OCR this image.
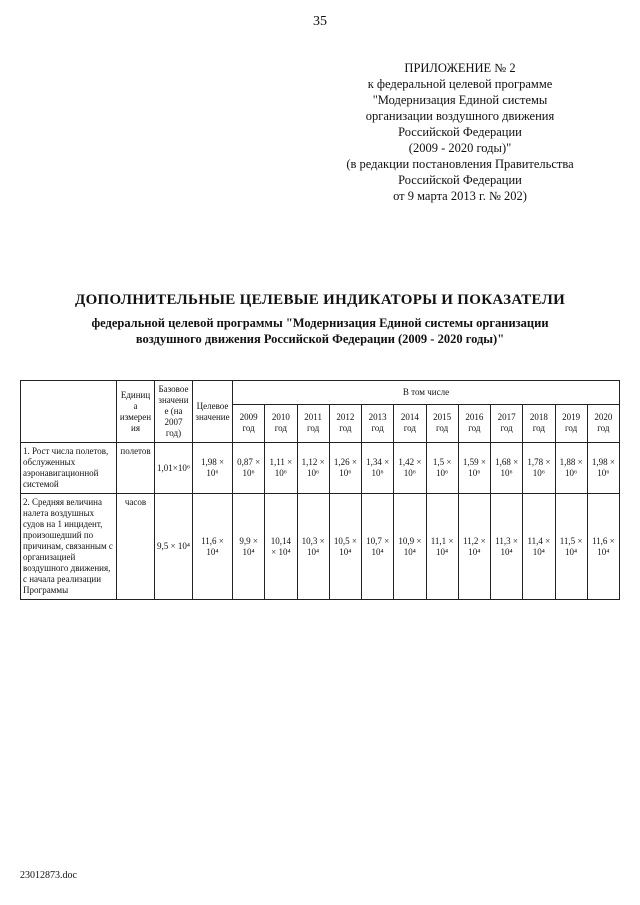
35
ПРИЛОЖЕНИЕ № 2
к федеральной целевой программе
"Модернизация Единой системы
организации воздушного движения
Российской Федерации
(2009 - 2020 годы)"
(в редакции постановления Правительства
Российской Федерации
от 9 марта 2013 г. № 202)
ДОПОЛНИТЕЛЬНЫЕ ЦЕЛЕВЫЕ ИНДИКАТОРЫ И ПОКАЗАТЕЛИ
федеральной целевой программы "Модернизация Единой системы организации
воздушного движения Российской Федерации (2009 - 2020 годы)"
	Единица измерения	Базовое значение (на 2007 год)	Целевое значение	В том числе											
				2009 год	2010 год	2011 год	2012 год	2013 год	2014 год	2015 год	2016 год	2017 год	2018 год	2019 год	2020 год
1. Рост числа полетов, обслуженных аэронавигационной системой	полетов	1,01×10⁶	1,98 × 10⁶	0,87 × 10⁶	1,11 × 10⁶	1,12 × 10⁶	1,26 × 10⁶	1,34 × 10⁶	1,42 × 10⁶	1,5 × 10⁶	1,59 × 10⁶	1,68 × 10⁶	1,78 × 10⁶	1,88 × 10⁶	1,98 × 10⁶
2. Средняя величина налета воздушных судов на 1 инцидент, произошедший по причинам, связанным с организацией воздушного движения, с начала реализации Программы	часов	9,5 × 10⁴	11,6 × 10⁴	9,9 × 10⁴	10,14 × 10⁴	10,3 × 10⁴	10,5 × 10⁴	10,7 × 10⁴	10,9 × 10⁴	11,1 × 10⁴	11,2 × 10⁴	11,3 × 10⁴	11,4 × 10⁴	11,5 × 10⁴	11,6 × 10⁴
23012873.doc
